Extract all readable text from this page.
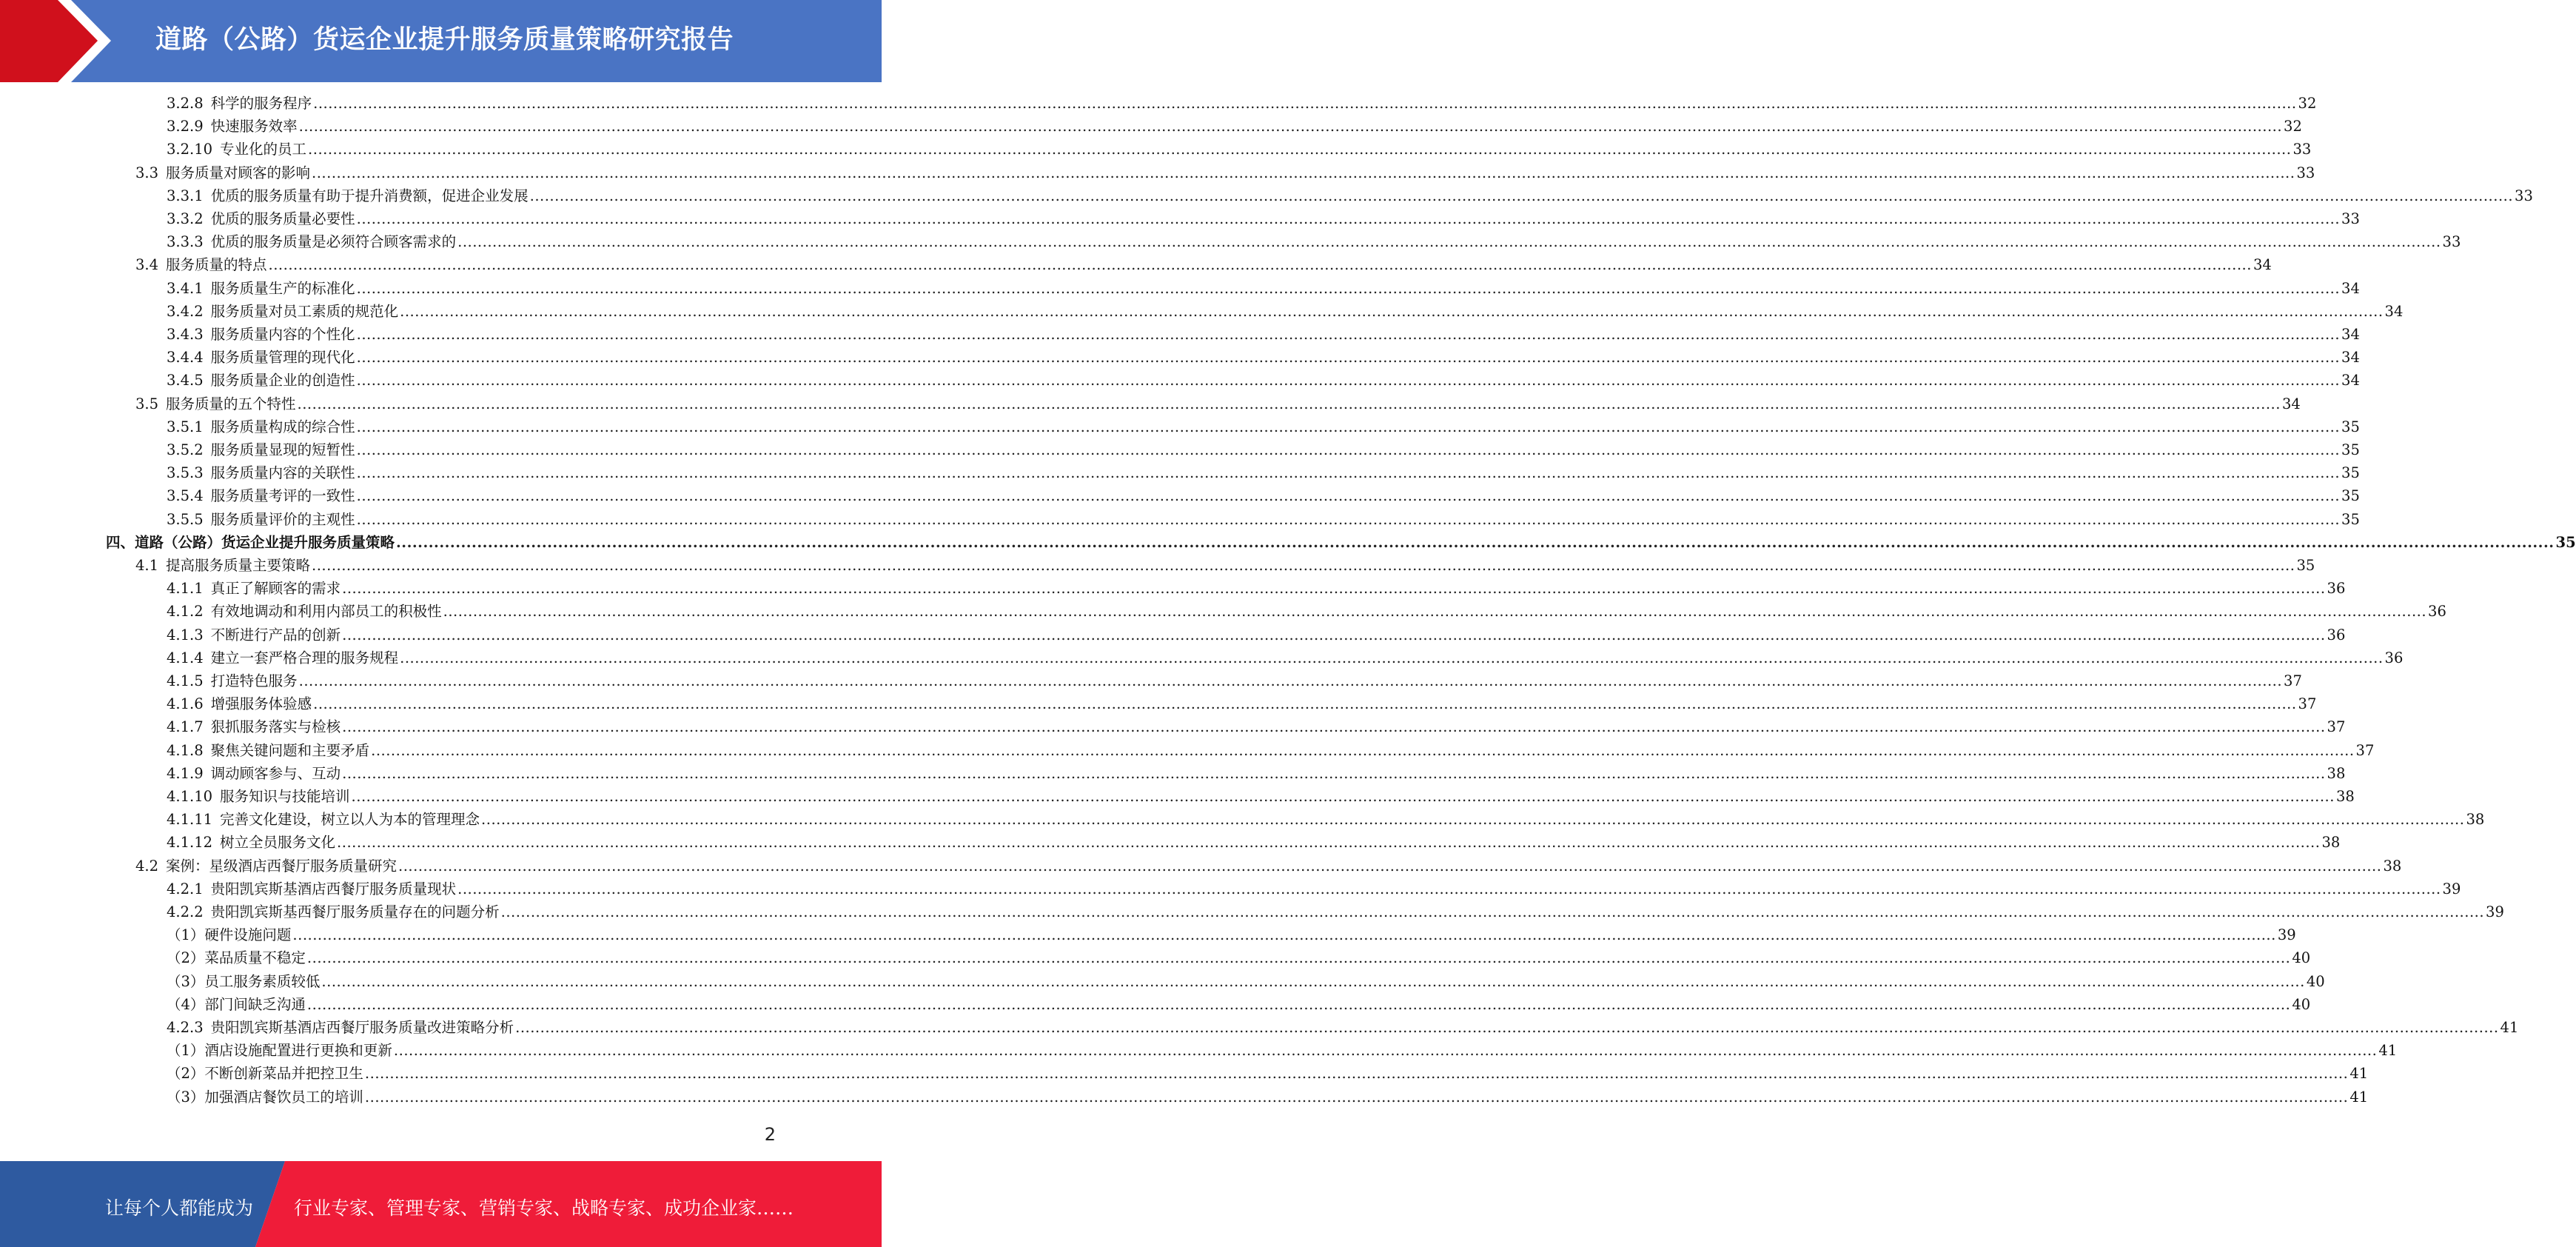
道路（公路）货运企业提升服务质量策略研究报告
3.2.8 科学的服务程序 ................................................................................................................................................................................................................................................................................................................................................................................................................ 32
3.2.9 快速服务效率 ................................................................................................................................................................................................................................................................................................................................................................................................................ 32
3.2.10 专业化的员工 ................................................................................................................................................................................................................................................................................................................................................................................................................ 33
3.3 服务质量对顾客的影响 ................................................................................................................................................................................................................................................................................................................................................................................................................ 33
3.3.1 优质的服务质量有助于提升消费额，促进企业发展 ................................................................................................................................................................................................................................................................................................................................................................................................................ 33
3.3.2 优质的服务质量必要性 ................................................................................................................................................................................................................................................................................................................................................................................................................ 33
3.3.3 优质的服务质量是必须符合顾客需求的 ................................................................................................................................................................................................................................................................................................................................................................................................................ 33
3.4 服务质量的特点 ................................................................................................................................................................................................................................................................................................................................................................................................................ 34
3.4.1 服务质量生产的标准化 ................................................................................................................................................................................................................................................................................................................................................................................................................ 34
3.4.2 服务质量对员工素质的规范化 ................................................................................................................................................................................................................................................................................................................................................................................................................ 34
3.4.3 服务质量内容的个性化 ................................................................................................................................................................................................................................................................................................................................................................................................................ 34
3.4.4 服务质量管理的现代化 ................................................................................................................................................................................................................................................................................................................................................................................................................ 34
3.4.5 服务质量企业的创造性 ................................................................................................................................................................................................................................................................................................................................................................................................................ 34
3.5 服务质量的五个特性 ................................................................................................................................................................................................................................................................................................................................................................................................................ 34
3.5.1 服务质量构成的综合性 ................................................................................................................................................................................................................................................................................................................................................................................................................ 35
3.5.2 服务质量显现的短暂性 ................................................................................................................................................................................................................................................................................................................................................................................................................ 35
3.5.3 服务质量内容的关联性 ................................................................................................................................................................................................................................................................................................................................................................................................................ 35
3.5.4 服务质量考评的一致性 ................................................................................................................................................................................................................................................................................................................................................................................................................ 35
3.5.5 服务质量评价的主观性 ................................................................................................................................................................................................................................................................................................................................................................................................................ 35
四、道路（公路）货运企业提升服务质量策略 ................................................................................................................................................................................................................................................................................................................................................................................................................ 35
4.1 提高服务质量主要策略 ................................................................................................................................................................................................................................................................................................................................................................................................................ 35
4.1.1 真正了解顾客的需求 ................................................................................................................................................................................................................................................................................................................................................................................................................ 36
4.1.2 有效地调动和利用内部员工的积极性 ................................................................................................................................................................................................................................................................................................................................................................................................................ 36
4.1.3 不断进行产品的创新 ................................................................................................................................................................................................................................................................................................................................................................................................................ 36
4.1.4 建立一套严格合理的服务规程 ................................................................................................................................................................................................................................................................................................................................................................................................................ 36
4.1.5 打造特色服务 ................................................................................................................................................................................................................................................................................................................................................................................................................ 37
4.1.6 增强服务体验感 ................................................................................................................................................................................................................................................................................................................................................................................................................ 37
4.1.7 狠抓服务落实与检核 ................................................................................................................................................................................................................................................................................................................................................................................................................ 37
4.1.8 聚焦关键问题和主要矛盾 ................................................................................................................................................................................................................................................................................................................................................................................................................ 37
4.1.9 调动顾客参与、互动 ................................................................................................................................................................................................................................................................................................................................................................................................................ 38
4.1.10 服务知识与技能培训 ................................................................................................................................................................................................................................................................................................................................................................................................................ 38
4.1.11 完善文化建设，树立以人为本的管理理念 ................................................................................................................................................................................................................................................................................................................................................................................................................ 38
4.1.12 树立全员服务文化 ................................................................................................................................................................................................................................................................................................................................................................................................................ 38
4.2 案例：星级酒店西餐厅服务质量研究 ................................................................................................................................................................................................................................................................................................................................................................................................................ 38
4.2.1 贵阳凯宾斯基酒店西餐厅服务质量现状 ................................................................................................................................................................................................................................................................................................................................................................................................................ 39
4.2.2 贵阳凯宾斯基西餐厅服务质量存在的问题分析 ................................................................................................................................................................................................................................................................................................................................................................................................................ 39
（1）硬件设施问题 ................................................................................................................................................................................................................................................................................................................................................................................................................ 39
（2）菜品质量不稳定 ................................................................................................................................................................................................................................................................................................................................................................................................................ 40
（3）员工服务素质较低 ................................................................................................................................................................................................................................................................................................................................................................................................................ 40
（4）部门间缺乏沟通 ................................................................................................................................................................................................................................................................................................................................................................................................................ 40
4.2.3 贵阳凯宾斯基酒店西餐厅服务质量改进策略分析 ................................................................................................................................................................................................................................................................................................................................................................................................................ 41
（1）酒店设施配置进行更换和更新 ................................................................................................................................................................................................................................................................................................................................................................................................................ 41
（2）不断创新菜品并把控卫生 ................................................................................................................................................................................................................................................................................................................................................................................................................ 41
（3）加强酒店餐饮员工的培训 ................................................................................................................................................................................................................................................................................................................................................................................................................ 41
2
让每个人都能成为 行业专家、管理专家、营销专家、战略专家、成功企业家……
